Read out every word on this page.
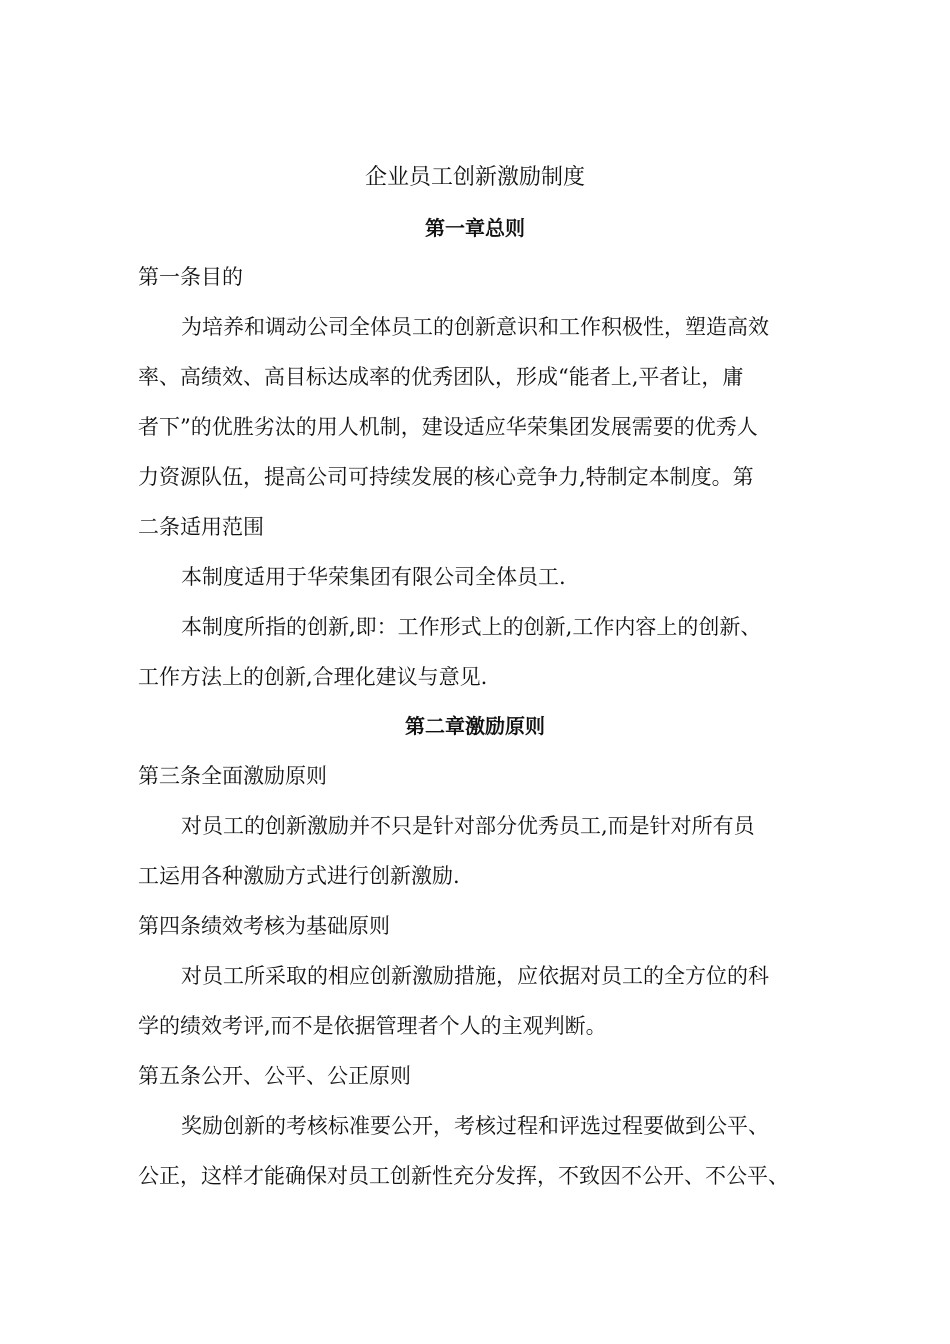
企业员工创新激励制度
第一章总则

第一条目的

为培养和调动公司全体员工的创新意识和工作积极性，塑造高效

率、高绩效、高目标达成率的优秀团队，形成“能者上,平者让，庸

者下”的优胜劣汰的用人机制，建设适应华荣集团发展需要的优秀人

力资源队伍，提高公司可持续发展的核心竞争力,特制定本制度。第

二条适用范围

本制度适用于华荣集团有限公司全体员工.

本制度所指的创新,即：工作形式上的创新,工作内容上的创新、

工作方法上的创新,合理化建议与意见.

第二章激励原则

第三条全面激励原则

对员工的创新激励并不只是针对部分优秀员工,而是针对所有员

工运用各种激励方式进行创新激励.

第四条绩效考核为基础原则

对员工所采取的相应创新激励措施，应依据对员工的全方位的科

学的绩效考评,而不是依据管理者个人的主观判断。

第五条公开、公平、公正原则

奖励创新的考核标准要公开，考核过程和评选过程要做到公平、

公正，这样才能确保对员工创新性充分发挥，不致因不公开、不公平、
